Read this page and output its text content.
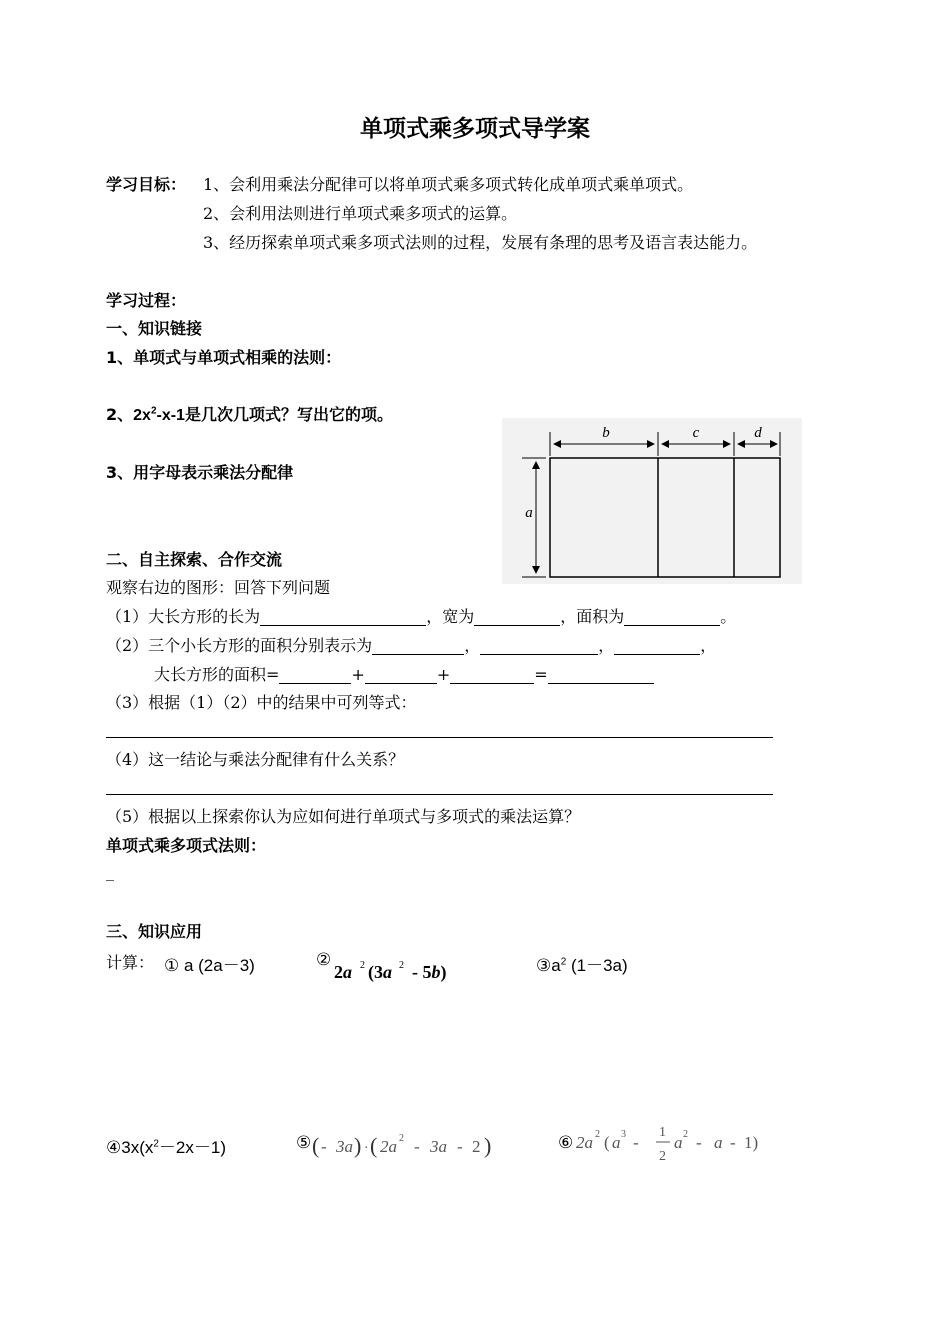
单项式乘多项式导学案
学习目标： 1、会利用乘法分配律可以将单项式乘多项式转化成单项式乘单项式。
2、会利用法则进行单项式乘多项式的运算。
3、经历探索单项式乘多项式法则的过程，发展有条理的思考及语言表达能力。
学习过程：
一、知识链接
1、单项式与单项式相乘的法则：
2、$2x^2-x-1$是几次几项式？写出它的项。
3、用字母表示乘法分配律
b	c	d
a
二、自主探索、合作交流
观察右边的图形：回答下列问题
（1）大长方形的长为	，宽为	，面积为	。
（2）三个小长方形的面积分别表示为	，	，	，
大长方形的面积=	+	+	=
（3）根据（1）（2）中的结果中可列等式：
（4）这一结论与乘法分配律有什么关系？
（5）根据以上探索你认为应如何进行单项式与多项式的乘法运算？
单项式乘多项式法则：
_
三、知识应用
计算： ① a (2a－3)	②
2a 2 (3a 2 - 5b)	$③a^2$ (1－3a)
$④3x(x^2-2x-1)$	⑤ ( - 3a ) · ( 2a 2 - 3a - 2 )	⑥ 2a 2 ( a 3 -
1
2
a 2 - a - 1)
